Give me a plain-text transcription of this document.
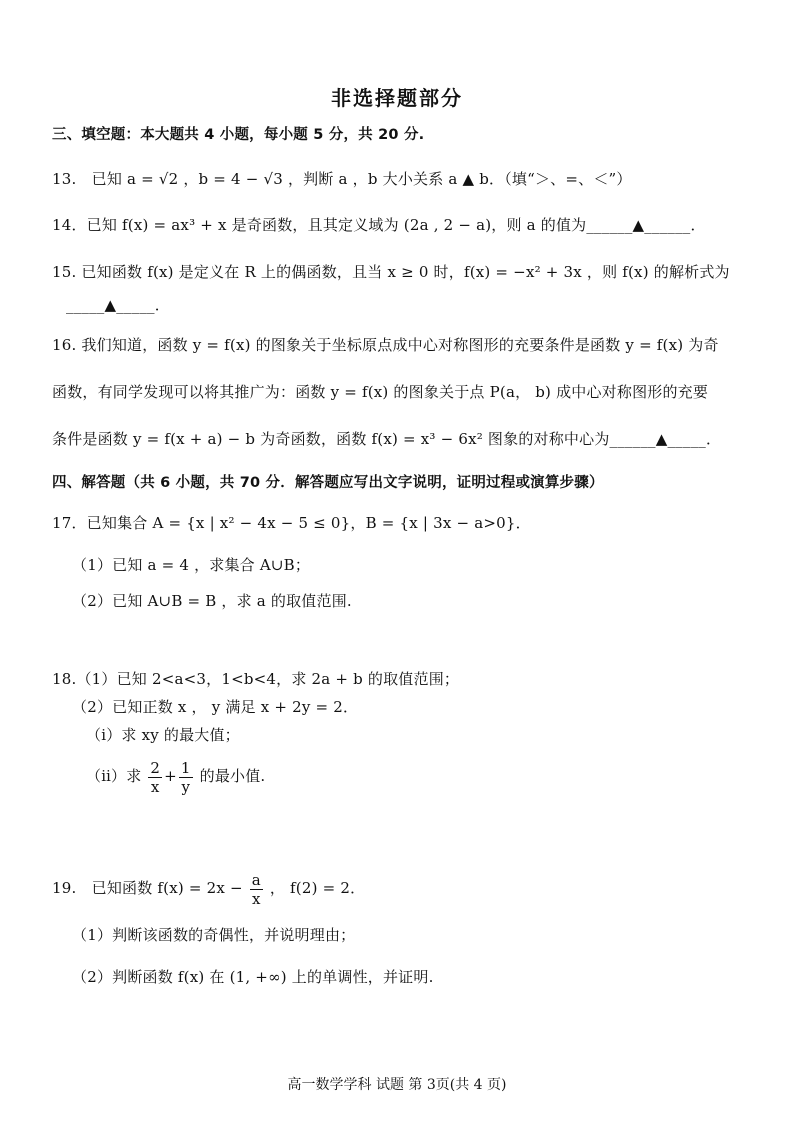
非选择题部分
三、填空题：本大题共 4 小题，每小题 5 分，共 20 分.
13.　已知 a = √2 ，b = 4 − √3 ，判断 a ，b 大小关系 a ▲ b．（填“＞、=、＜”）
14．已知 f(x) = ax³ + x 是奇函数，且其定义域为 (2a , 2 − a)，则 a 的值为______▲______．
15. 已知函数 f(x) 是定义在 R 上的偶函数，且当 x ≥ 0 时，f(x) = −x² + 3x ，则 f(x) 的解析式为
_____▲_____．
16. 我们知道，函数 y = f(x) 的图象关于坐标原点成中心对称图形的充要条件是函数 y = f(x) 为奇
函数，有同学发现可以将其推广为：函数 y = f(x) 的图象关于点 P(a， b) 成中心对称图形的充要
条件是函数 y = f(x + a) − b 为奇函数，函数 f(x) = x³ − 6x² 图象的对称中心为______▲_____．
四、解答题（共 6 小题，共 70 分．解答题应写出文字说明，证明过程或演算步骤）
17．已知集合 A = {x | x² − 4x − 5 ≤ 0}，B = {x | 3x − a>0}．
（1）已知 a = 4 ，求集合 A∪B；
（2）已知 A∪B = B ，求 a 的取值范围.
18.（1）已知 2<a<3，1<b<4，求 2a + b 的取值范围；
（2）已知正数 x ， y 满足 x + 2y = 2．
（ⅰ）求 xy 的最大值；
（ⅱ）求 $\frac{2}{x} + \frac{1}{y}$ 的最小值.
19.　已知函数 $f(x) = 2x - \frac{a}{x}$ ， f(2) = 2．
（1）判断该函数的奇偶性，并说明理由；
（2）判断函数 f(x) 在 (1, +∞) 上的单调性，并证明.
高一数学学科 试题 第 3页(共 4 页)
